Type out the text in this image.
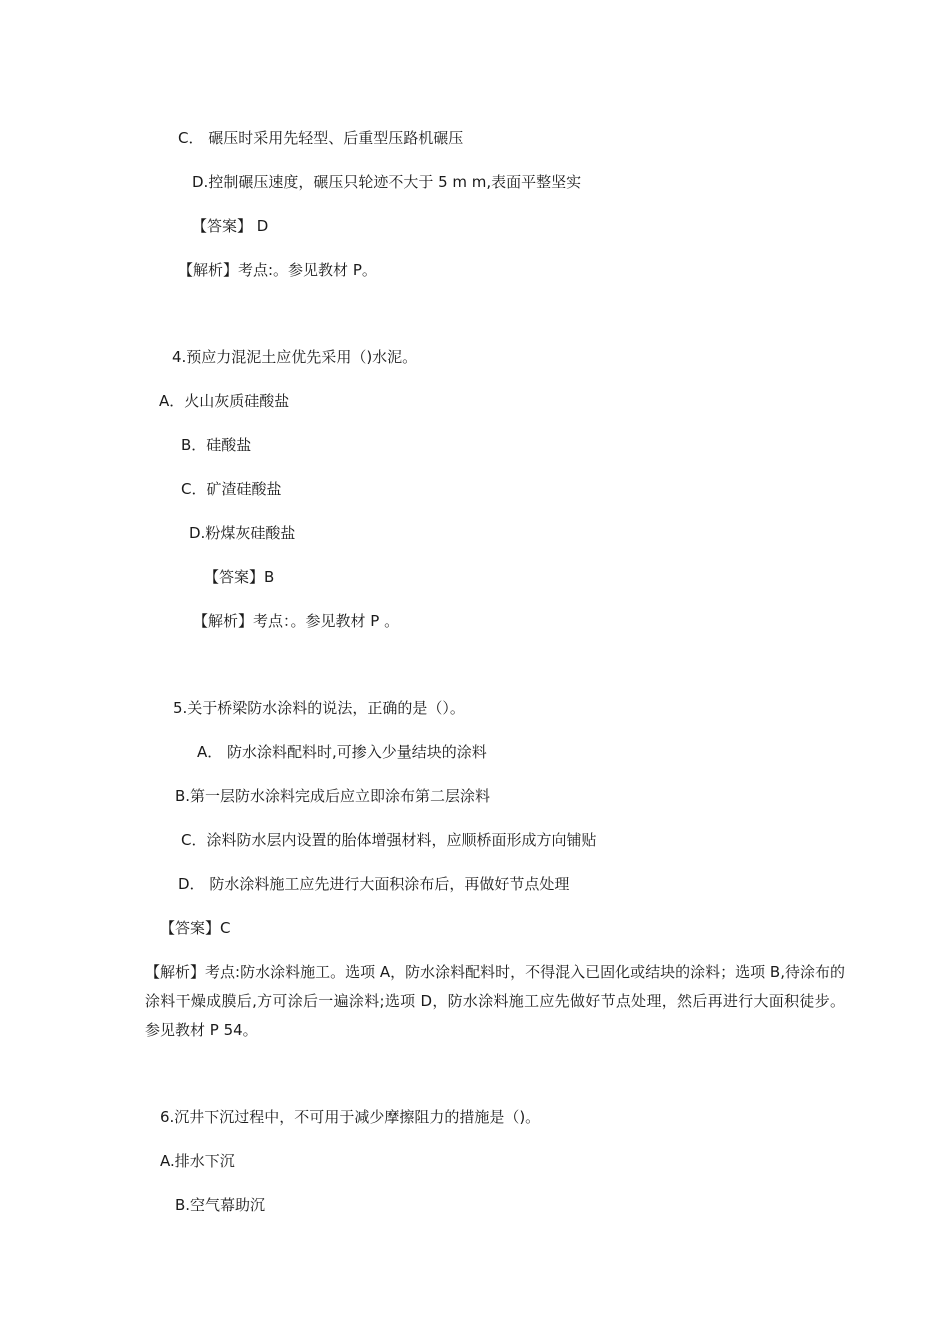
C． 碾压时采用先轻型、后重型压路机碾压
D.控制碾压速度，碾压只轮迹不大于 5 m m,表面平整坚实
【答案】 D
【解析】考点:。参见教材 P。
4.预应力混泥土应优先采用（)水泥。
A．火山灰质硅酸盐
B．硅酸盐
C．矿渣硅酸盐
D.粉煤灰硅酸盐
【答案】B
【解析】考点：。参见教材 P 。
5.关于桥梁防水涂料的说法，正确的是（）。
A． 防水涂料配料时,可掺入少量结块的涂料
B.第一层防水涂料完成后应立即涂布第二层涂料
C．涂料防水层内设置的胎体增强材料，应顺桥面形成方向铺贴
D． 防水涂料施工应先进行大面积涂布后，再做好节点处理
【答案】C
【解析】考点:防水涂料施工。选项 A，防水涂料配料时，不得混入已固化或结块的涂料；选项 B,待涂布的涂料干燥成膜后,方可涂后一遍涂料;选项 D，防水涂料施工应先做好节点处理，然后再进行大面积徒步。参见教材 P 54。
6.沉井下沉过程中，不可用于减少摩擦阻力的措施是（)。
A.排水下沉
B.空气幕助沉
